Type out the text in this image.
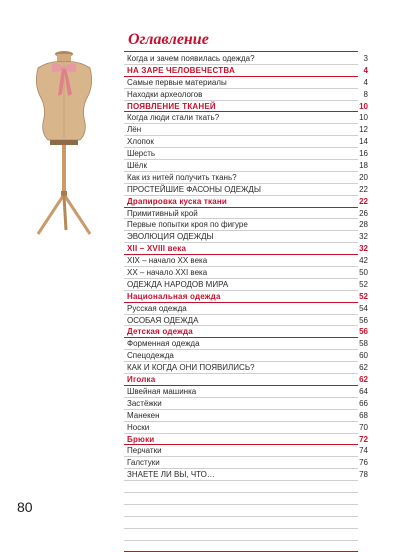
Оглавление
Когда и зачем появилась одежда?	3
НА ЗАРЕ ЧЕЛОВЕЧЕСТВА	4
Самые первые материалы	4
Находки археологов	8
ПОЯВЛЕНИЕ ТКАНЕЙ	10
Когда люди стали ткать?	10
Лён	12
Хлопок	14
Шерсть	16
Шёлк	18
Как из нитей получить ткань?	20
ПРОСТЕЙШИЕ ФАСОНЫ ОДЕЖДЫ	22
Драпировка куска ткани	22
Примитивный крой	26
Первые попытки кроя по фигуре	28
ЭВОЛЮЦИЯ ОДЕЖДЫ	32
XII – XVIII века	32
XIX – начало XX века	42
XX – начало XXI века	50
ОДЕЖДА НАРОДОВ МИРА	52
Национальная одежда	52
Русская одежда	54
ОСОБАЯ ОДЕЖДА	56
Детская одежда	56
Форменная одежда	58
Спецодежда	60
КАК И КОГДА ОНИ ПОЯВИЛИСЬ?	62
Иголка	62
Швейная машинка	64
Застёжки	66
Манекен	68
Носки	70
Брюки	72
Перчатки	74
Галстуки	76
ЗНАЕТЕ ЛИ ВЫ, ЧТО…	78
80
